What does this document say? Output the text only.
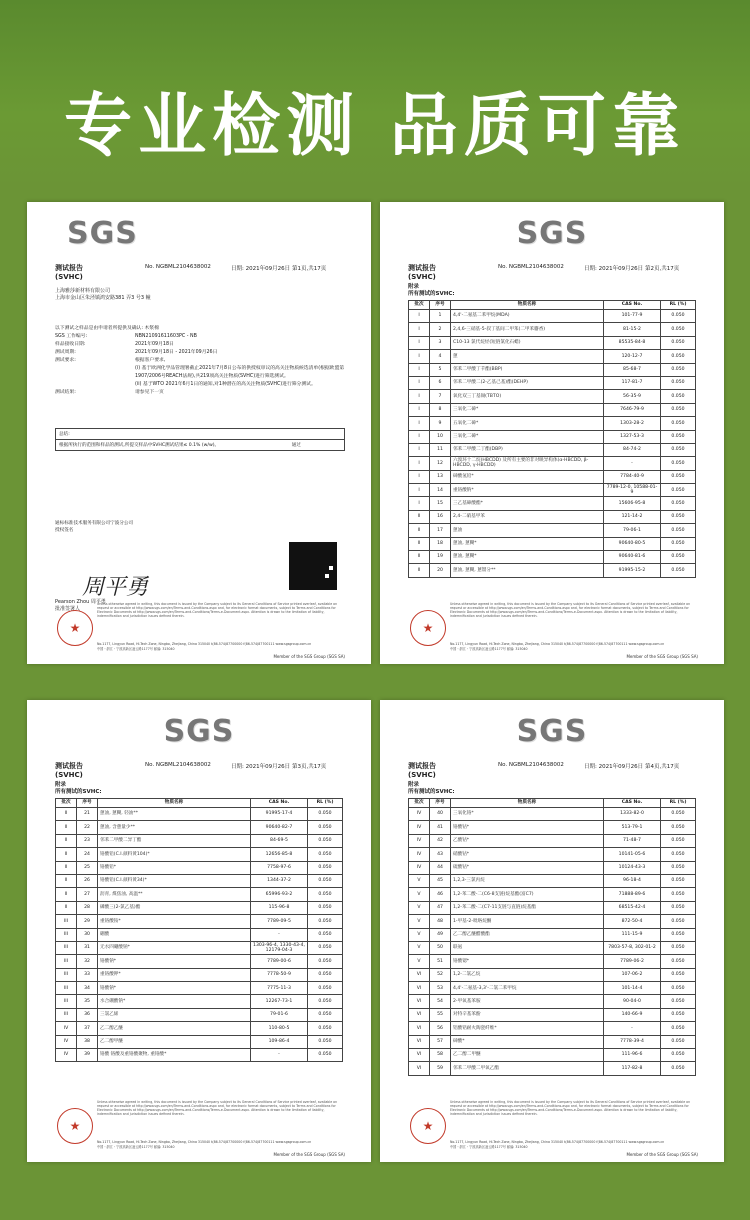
专业检测 品质可靠
SGS
测试报告
(SVHC)
No. NGBML2104638002	日期: 2021年09月26日 第1页,共17页
上海雅莎新材料有限公司
上海市金山区朱泾镇鸿安路381 弄3 号3 幢
以下测试之样品是由申请者所提供及确认: 木浆棉
SGS 工作编号:	NBN21091611603PC - NB
样品接收日期:	2021年09月18日
测试周期:	2021年09月18日 - 2021年09月26日
测试要求:	根据客户要求,
(i) 基于欧洲化学品管理署截止2021年7月8日公布的供授权审议的高关注物质候选清单(根据欧盟第1907/2006号REACH法规),共219项高关注物质(SVHC)进行筛选测试。
(ii) 基于WTO 2021年6月1日的通知,对1种潜在的高关注物质(SVHC)进行筛分测试。
测试结果:	请参见下一页
总结:
根据所执行的范围和样品的测试,所提交样品中SVHC测试结果≤ 0.1% (w/w)。	通过
通标标准技术服务有限公司宁波分公司
授权签名
周平勇
Pearson Zhou 周平勇
批准签署人
Unless otherwise agreed in writing, this document is issued by the Company subject to its General Conditions of Service printed overleaf, available on request or accessible at http://www.sgs.com/en/Terms-and-Conditions.aspx and, for electronic format documents, subject to Terms and Conditions for Electronic Documents at http://www.sgs.com/en/Terms-and-Conditions/Terms-e-Document.aspx. Attention is drawn to the limitation of liability, indemnification and jurisdiction issues defined therein.
★
No.1177, Lingyun Road, Hi-Tech Zone, Ningbo, Zhejiang, China 315040 t(86-574)87700000 f(86-574)87700111 www.sgsgroup.com.cn
中国・浙江・宁波高新区凌云路1177号 邮编: 315040
Member of the SGS Group (SGS SA)
SGS
测试报告
(SVHC)
No. NGBML2104638002	日期: 2021年09月26日 第2页,共17页
附录
所有测试的SVHC:
批次	序号	物质名称	CAS No.	RL (%)
I	1	4,4'-二氨基二苯甲烷(MDA)	101-77-9	0.050
I	2	2,4,6-三硝基-5-叔丁基间二甲苯(二甲苯麝香)	81-15-2	0.050
I	3	C10-13 氯代烷烃(短链氯化石蜡)	85535-84-8	0.050
I	4	蒽	120-12-7	0.050
I	5	邻苯二甲酸丁苄酯(BBP)	85-68-7	0.050
I	6	邻苯二甲酸二(2-乙基己基)酯(DEHP)	117-81-7	0.050
I	7	氧化双三丁基锡(TBTO)	56-35-9	0.050
I	8	三氧化二砷*	7646-79-9	0.050
I	9	五氧化二砷*	1303-28-2	0.050
I	10	三氧化二砷*	1327-53-3	0.050
I	11	邻苯二甲酸二丁酯(DBP)	84-74-2	0.050
I	12	六溴环十二烷(HBCDD) 及所有主要的非对映异构体(α-HBCDD, β-HBCDD, γ-HBCDD)	-	0.050
I	13	砷酸氢铅*	7784-40-9	0.050
I	14	重铬酸钠*	7789-12-0, 10588-01-9	0.050
I	15	三乙基砷酸酯*	15606-95-8	0.050
II	16	2,4-二硝基甲苯	121-14-2	0.050
II	17	蒽油	79-06-1	0.050
II	18	蒽油, 蒽糊*	90640-80-5	0.050
II	19	蒽油, 蒽糊*	90640-81-6	0.050
II	20	蒽油, 蒽糊, 蒽馏分**	91995-15-2	0.050
Unless otherwise agreed in writing, this document is issued by the Company subject to its General Conditions of Service printed overleaf, available on request or accessible at http://www.sgs.com/en/Terms-and-Conditions.aspx and, for electronic format documents, subject to Terms and Conditions for Electronic Documents at http://www.sgs.com/en/Terms-and-Conditions/Terms-e-Document.aspx. Attention is drawn to the limitation of liability, indemnification and jurisdiction issues defined therein.
★
No.1177, Lingyun Road, Hi-Tech Zone, Ningbo, Zhejiang, China 315040 t(86-574)87700000 f(86-574)87700111 www.sgsgroup.com.cn
中国・浙江・宁波高新区凌云路1177号 邮编: 315040
Member of the SGS Group (SGS SA)
SGS
测试报告
(SVHC)
No. NGBML2104638002	日期: 2021年09月26日 第3页,共17页
附录
所有测试的SVHC:
批次	序号	物质名称	CAS No.	RL (%)
II	21	蒽油, 蒽糊, 轻油**	91995-17-4	0.050
II	22	蒽油, 含蒽量少**	90640-82-7	0.050
II	23	邻苯二甲酸二异丁酯	84-69-5	0.050
II	24	铬酸铅(C.I.颜料黄104)*	12656-85-8	0.050
II	25	铬酸铅*	7758-97-6	0.050
II	26	铬酸铅(C.I.颜料黄34)*	1344-37-2	0.050
II	27	沥青, 煤焦油, 高温**	65996-93-2	0.050
II	28	磷酸三(2-氯乙基)酯	115-96-8	0.050
III	29	重铬酸铵*	7789-09-5	0.050
III	30	硼酸	-	0.050
III	31	无水四硼酸钠*	1303-96-4, 1330-43-4, 12179-04-3	0.050
III	32	铬酸钠*	7789-00-6	0.050
III	33	重铬酸钾*	7778-50-9	0.050
III	34	铬酸钠*	7775-11-3	0.050
III	35	水合硼酸钠*	12267-73-1	0.050
III	36	三氯乙烯	79-01-6	0.050
IV	37	乙二醇乙醚	110-80-5	0.050
IV	38	乙二醇甲醚	109-86-4	0.050
IV	39	铬酸 铬酸及重铬酸聚物, 重铬酸*	-	0.050
Unless otherwise agreed in writing, this document is issued by the Company subject to its General Conditions of Service printed overleaf, available on request or accessible at http://www.sgs.com/en/Terms-and-Conditions.aspx and, for electronic format documents, subject to Terms and Conditions for Electronic Documents at http://www.sgs.com/en/Terms-and-Conditions/Terms-e-Document.aspx. Attention is drawn to the limitation of liability, indemnification and jurisdiction issues defined therein.
★
No.1177, Lingyun Road, Hi-Tech Zone, Ningbo, Zhejiang, China 315040 t(86-574)87700000 f(86-574)87700111 www.sgsgroup.com.cn
中国・浙江・宁波高新区凌云路1177号 邮编: 315040
Member of the SGS Group (SGS SA)
SGS
测试报告
(SVHC)
No. NGBML2104638002	日期: 2021年09月26日 第4页,共17页
附录
所有测试的SVHC:
批次	序号	物质名称	CAS No.	RL (%)
IV	40	三氧化铬*	1333-82-0	0.050
IV	41	铬酸钴*	513-79-1	0.050
IV	42	乙酸钴*	71-48-7	0.050
IV	43	硝酸钴*	10141-05-6	0.050
IV	44	硫酸钴*	10124-43-3	0.050
V	45	1,2,3-三氯丙烷	96-18-4	0.050
V	46	1,2-苯二酸-二(C6-8支链)烷基酯(富C7)	71888-89-6	0.050
V	47	1,2-苯二酸-二(C7-11支链与直链)烷基酯	68515-42-4	0.050
V	48	1-甲基-2-吡咯烷酮	872-50-4	0.050
V	49	乙二醇乙醚醋酸酯	111-15-9	0.050
V	50	联氨	7803-57-8, 302-01-2	0.050
V	51	铬酸锶*	7789-06-2	0.050
VI	52	1,2-二氯乙烷	107-06-2	0.050
VI	53	4,4'-二氨基-3,3'-二氯二苯甲烷	101-14-4	0.050
VI	54	2-甲氧基苯胺	90-04-0	0.050
VI	55	对特辛基苯酚	140-66-9	0.050
VI	56	铝酸锆耐火陶瓷纤维*	-	0.050
VI	57	砷酸*	7778-39-4	0.050
VI	58	乙二醇二甲醚	111-96-6	0.050
VI	59	邻苯二甲酸二甲氧乙酯	117-82-8	0.050
Unless otherwise agreed in writing, this document is issued by the Company subject to its General Conditions of Service printed overleaf, available on request or accessible at http://www.sgs.com/en/Terms-and-Conditions.aspx and, for electronic format documents, subject to Terms and Conditions for Electronic Documents at http://www.sgs.com/en/Terms-and-Conditions/Terms-e-Document.aspx. Attention is drawn to the limitation of liability, indemnification and jurisdiction issues defined therein.
★
No.1177, Lingyun Road, Hi-Tech Zone, Ningbo, Zhejiang, China 315040 t(86-574)87700000 f(86-574)87700111 www.sgsgroup.com.cn
中国・浙江・宁波高新区凌云路1177号 邮编: 315040
Member of the SGS Group (SGS SA)
